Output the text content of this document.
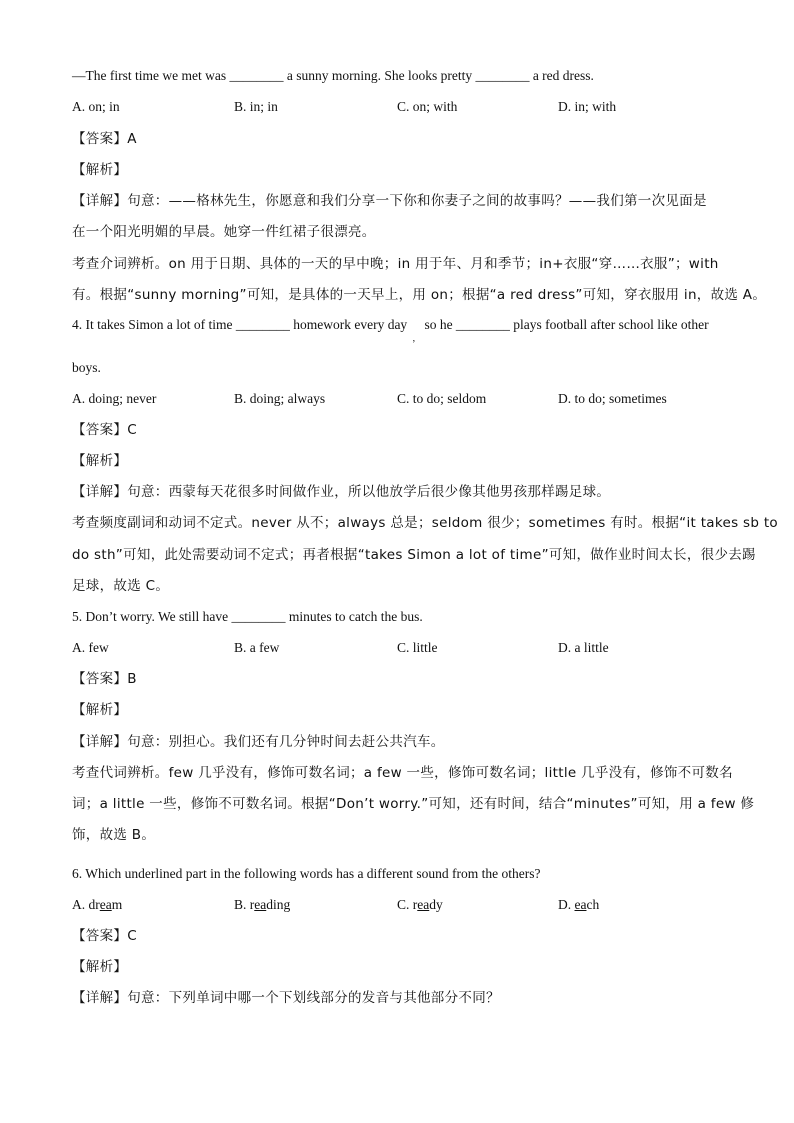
—The first time we met was ________ a sunny morning. She looks pretty ________ a red dress.
A. on; in	B. in; in	C. on; with	D. in; with
【答案】A
【解析】
【详解】句意：——格林先生，你愿意和我们分享一下你和你妻子之间的故事吗？——我们第一次见面是
在一个阳光明媚的早晨。她穿一件红裙子很漂亮。
考查介词辨析。on 用于日期、具体的一天的早中晚；in 用于年、月和季节；in+衣服“穿……衣服”；with
有。根据“sunny morning”可知，是具体的一天早上，用 on；根据“a red dress”可知，穿衣服用 in，故选 A。
4. It takes Simon a lot of time ________ homework every day $_,$ so he ________ plays football after school like other
boys.
A. doing; never	B. doing; always	C. to do; seldom	D. to do; sometimes
【答案】C
【解析】
【详解】句意：西蒙每天花很多时间做作业，所以他放学后很少像其他男孩那样踢足球。
考查频度副词和动词不定式。never 从不；always 总是；seldom 很少；sometimes 有时。根据“it takes sb to
do sth”可知，此处需要动词不定式；再者根据“takes Simon a lot of time”可知，做作业时间太长，很少去踢
足球，故选 C。
5. Don’t worry. We still have ________ minutes to catch the bus.
A. few	B. a few	C. little	D. a little
【答案】B
【解析】
【详解】句意：别担心。我们还有几分钟时间去赶公共汽车。
考查代词辨析。few 几乎没有，修饰可数名词；a few 一些，修饰可数名词；little 几乎没有，修饰不可数名
词；a little 一些，修饰不可数名词。根据“Don’t worry.”可知，还有时间，结合“minutes”可知，用 a few 修
饰，故选 B。
6. Which underlined part in the following words has a different sound from the others?
A. dream	B. reading	C. ready	D. each
【答案】C
【解析】
【详解】句意：下列单词中哪一个下划线部分的发音与其他部分不同？
